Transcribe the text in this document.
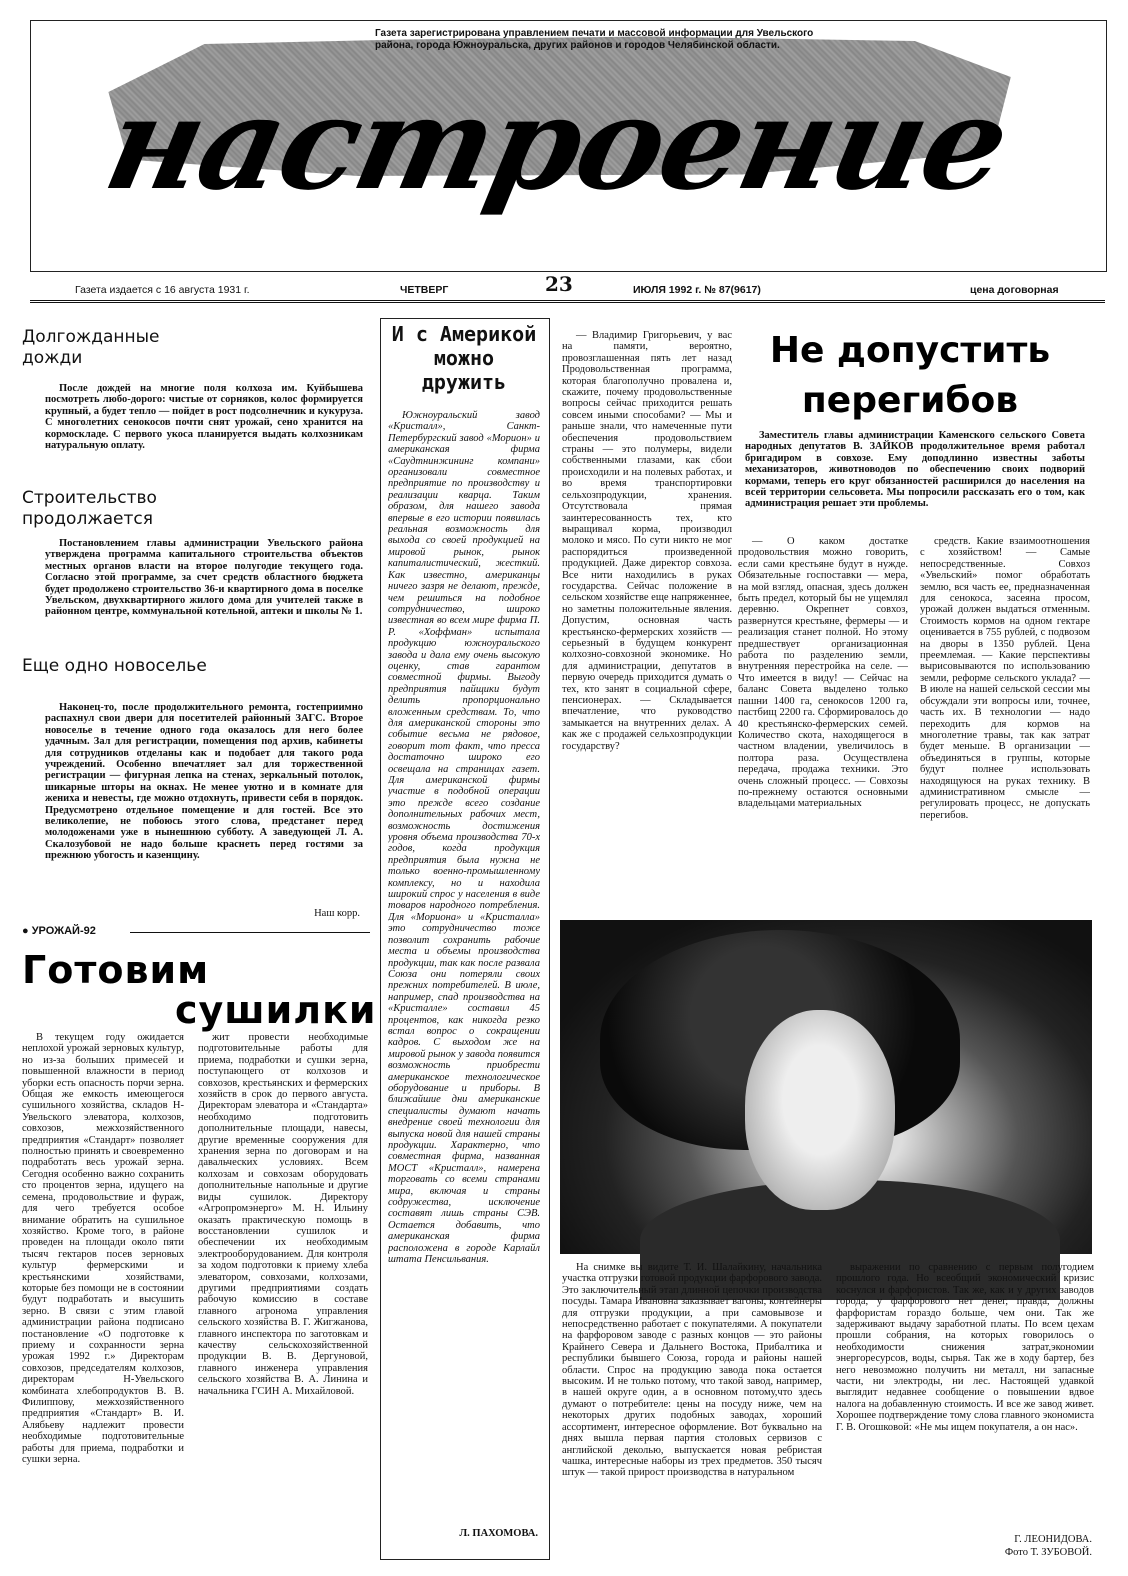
настроение
Газета зарегистрирована управлением печати и массовой информации для Увельского района, города Южноуральска, других районов и городов Челябинской области.
Газета издается с 16 августа 1931 г.	ЧЕТВЕРГ	23	ИЮЛЯ 1992 г. № 87(9617)	цена договорная
Долгожданные дожди

После дождей на многие поля колхоза им. Куйбышева посмотреть любо-дорого: чистые от сорняков, колос формируется крупный, а будет тепло — пойдет в рост подсолнечник и кукуруза. С многолетних сенокосов почти снят урожай, сено хранится на кормоскладе. С первого укоса планируется выдать колхозникам натуральную оплату.

Строительство продолжается

Постановлением главы администрации Увельского района утверждена программа капитального строительства объектов местных органов власти на второе полугодие текущего года. Согласно этой программе, за счет средств областного бюджета будет продолжено строительство 36-и квартирного дома в поселке Увельском, двухквартирного жилого дома для учителей также в районном центре, коммунальной котельной, аптеки и школы № 1.

Еще одно новоселье

Наконец-то, после продолжительного ремонта, гостеприимно распахнул свои двери для посетителей районный ЗАГС. Второе новоселье в течение одного года оказалось для него более удачным. Зал для регистрации, помещения под архив, кабинеты для сотрудников отделаны как и подобает для такого рода учреждений. Особенно впечатляет зал для торжественной регистрации — фигурная лепка на стенах, зеркальный потолок, шикарные шторы на окнах. Не менее уютно и в комнате для жениха и невесты, где можно отдохнуть, привести себя в порядок. Предусмотрено отдельное помещение и для гостей. Все это великолепие, не побоюсь этого слова, предстанет перед молодоженами уже в нынешнюю субботу. А заведующей Л. А. Скалозубовой не надо больше краснеть перед гостями за прежнюю убогость и казенщину.

Наш корр.
● УРОЖАЙ-92
Готовим
сушилки

В текущем году ожидается неплохой урожай зерновых культур, но из-за больших примесей и повышенной влажности в период уборки есть опасность порчи зерна. Общая же емкость имеющегося сушильного хозяйства, складов Н-Увельского элеватора, колхозов, совхозов, межхозяйственного предприятия «Стандарт» позволяет полностью принять и своевременно подработать весь урожай зерна. Сегодня особенно важно сохранить сто процентов зерна, идущего на семена, продовольствие и фураж, для чего требуется особое внимание обратить на сушильное хозяйство. Кроме того, в районе проведен на площади около пяти тысяч гектаров посев зерновых культур фермерскими и крестьянскими хозяйствами, которые без помощи не в состоянии будут подработать и высушить зерно. В связи с этим главой администрации района подписано постановление «О подготовке к приему и сохранности зерна урожая 1992 г.» Директорам совхозов, председателям колхозов, директорам Н-Увельского комбината хлебопродуктов В. В. Филиппову, межхозяйственного предприятия «Стандарт» В. И. Алябьеву надлежит провести необходимые подготовительные работы для приема, подработки и сушки зерна.

жит провести необходимые подготовительные работы для приема, подработки и сушки зерна, поступающего от колхозов и совхозов, крестьянских и фермерских хозяйств в срок до первого августа. Директорам элеватора и «Стандарта» необходимо подготовить дополнительные площади, навесы, другие временные сооружения для хранения зерна по договорам и на давальческих условиях. Всем колхозам и совхозам оборудовать дополнительные напольные и другие виды сушилок. Директору «Агропромэнерго» М. Н. Ильину оказать практическую помощь в восстановлении сушилок и обеспечении их необходимым электрооборудованием. Для контроля за ходом подготовки к приему хлеба элеватором, совхозами, колхозами, другими предприятиями создать рабочую комиссию в составе главного агронома управления сельского хозяйства В. Г. Жигжановa, главного инспектора по заготовкам и качеству сельскохозяйственной продукции В. В. Дергуновой, главного инженера управления сельского хозяйства В. А. Лининa и начальника ГСИН А. Михайловой.

И с Америкой можно дружить

Южноуральский завод «Кристалл», Санкт-Петербургский завод «Морион» и американская фирма «Саудтнинжининг компани» организовали совместное предприятие по производству и реализации кварца. Таким образом, для нашего завода впервые в его истории появилась реальная возможность для выхода со своей продукцией на мировой рынок, рынок капиталистический, жесткий. Как известно, американцы ничего зазря не делают, прежде, чем решиться на подобное сотрудничество, широко известная во всем мире фирма П. Р. «Хоффман» испытала продукцию южноуральского завода и дала ему очень высокую оценку, став гарантом совместной фирмы. Выгоду предприятия пайщики будут делить пропорционально вложенным средствам. То, что для американской стороны это событие весьма не рядовое, говорит тот факт, что пресса достаточно широко его освещала на страницах газет. Для американской фирмы участие в подобной операции это прежде всего создание дополнительных рабочих мест, возможность достижения уровня объема производства 70-х годов, когда продукция предприятия была нужна не только военно-промышленному комплексу, но и находила широкий спрос у населения в виде товаров народного потребления. Для «Мориона» и «Кристалла» это сотрудничество тоже позволит сохранить рабочие места и объемы производства продукции, так как после развала Союза они потеряли своих прежних потребителей. В июле, например, спад производства на «Кристалле» составил 45 процентов, как никогда резко встал вопрос о сокращении кадров. С выходом же на мировой рынок у завода появится возможность приобрести американское технологическое оборудование и приборы. В ближайшие дни американские специалисты думают начать внедрение своей технологии для выпуска новой для нашей страны продукции. Характерно, что совместная фирма, названная МОСТ «Кристалл», намерена торговать со всеми странами мира, включая и страны содружества, исключение составят лишь страны СЭВ. Остается добавить, что американская фирма расположена в городе Карлайл штата Пенсильвания.

Л. ПАХОМОВА.
Не допустить перегибов

Заместитель главы администрации Каменского сельского Совета народных депутатов В. ЗАЙКОВ продолжительное время работал бригадиром в совхозе. Ему доподлинно известны заботы механизаторов, животноводов по обеспечению своих подворий кормами, теперь его круг обязанностей расширился до населения на всей территории сельсовета. Мы попросили рассказать его о том, как администрация решает эти проблемы.

— Владимир Григорьевич, у вас на памяти, вероятно, провозглашенная пять лет назад Продовольственная программа, которая благополучно провалена и, скажите, почему продовольственные вопросы сейчас приходится решать совсем иными способами? — Мы и раньше знали, что намеченные пути обеспечения продовольствием страны — это полумеры, видели собственными глазами, как сбои происходили и на полевых работах, и во время транспортировки сельхозпродукции, хранения. Отсутствовала прямая заинтересованность тех, кто выращивал корма, производил молоко и мясо. По сути никто не мог распорядиться произведенной продукцией. Даже директор совхоза. Все нити находились в руках государства. Сейчас положение в сельском хозяйстве еще напряженнее, но заметны положительные явления. Допустим, основная часть крестьянско-фермерских хозяйств — серьезный в будущем конкурент колхозно-совхозной экономике. Но для администрации, депутатов в первую очередь приходится думать о тех, кто занят в социальной сфере, пенсионерах. — Складывается впечатление, что руководство замыкается на внутренних делах. А как же с продажей сельхозпродукции государству?

— О каком достатке продовольствия можно говорить, если сами крестьяне будут в нужде. Обязательные госпоставки — мера, на мой взгляд, опасная, здесь должен быть предел, который бы не ущемлял деревню. Окрепнет совхоз, развернутся крестьяне, фермеры — и реализация станет полной. Но этому предшествует организационная работа по разделению земли, внутренняя перестройка на селе. — Что имеется в виду! — Сейчас на баланс Совета выделено только пашни 1400 га, сенокосов 1200 га, пастбищ 2200 га. Сформировалось до 40 крестьянско-фермерских семей. Количество скота, находящегося в частном владении, увеличилось в полтора раза. Осуществлена передача, продажа техники. Это очень сложный процесс. — Совхозы по-прежнему остаются основными владельцами материальных

средств. Какие взаимоотношения с хозяйством! — Самые непосредственные. Совхоз «Увельский» помог обработать землю, вся часть ее, предназначенная для сенокоса, засеяна просом, урожай должен выдаться отменным. Стоимость кормов на одном гектаре оценивается в 755 рублей, с подвозом на двоpы в 1350 рублей. Цена преемлемая. — Какие перспективы вырисовываются по использованию земли, реформе сельского уклада? — В июле на нашей сельской сессии мы обсуждали эти вопросы или, точнее, часть их. В технологии — надо переходить для кормов на многолетние травы, так как затрат будет меньше. В организации — объединяться в группы, которые будут полнее использовать находящуюся на руках технику. В административном смысле — регулировать процесс, не допускать перегибов.

На снимке вы видите Т. И. Шалайкину, начальника участка отгрузки готовой продукции фарфорового завода. Это заключительный этап длинной цепочки производства посуды. Тамара Ивановна заказывает вагоны, контейнеры для отгрузки продукции, а при самовывозе и непосредственно работает с покупателями. А покупатели на фарфоровом заводе с разных концов — это районы Крайнего Севера и Дальнего Востока, Прибалтика и республики бывшего Союза, города и районы нашей области. Спрос на продукцию завода пока остается высоким. И не только потому, что такой завод, например, в нашей округе один, а в основном потому,что здесь думают о потребителе: цены на посуду ниже, чем на некоторых других подобных заводах, хороший ассортимент, интересное оформление. Вот буквально на днях вышла первая партия столовых сервизов с английской деколью, выпускается новая ребристая чашка, интересные наборы из трех предметов. 350 тысяч штук — такой прирост производства в натуральном

выражении по сравнению с первым полугодием прошлого года. Но всеобщий экономический кризис коснулся и фарфористов. Так же, как и у других заводов города, у фарфорового нет денег, правда, должны фарфористам гораздо больше, чем они. Так же задерживают выдачу заработной платы. По всем цехам прошли собрания, на которых говорилось о необходимости снижения затрат,экономии энергоресурсов, воды, сырья. Так же в ходу бартер, без него невозможно получить ни металл, ни запасные части, ни электроды, ни лес. Настоящей удавкой выглядит недавнее сообщение о повышении вдвое налога на добавленную стоимость. И все же завод живет. Хорошее подтверждение тому слова главного экономиста Г. В. Огошковой: «Не мы ищем покупателя, а он нас».

Г. ЛЕОНИДОВА.
Фото Т. ЗУБОВОЙ.
